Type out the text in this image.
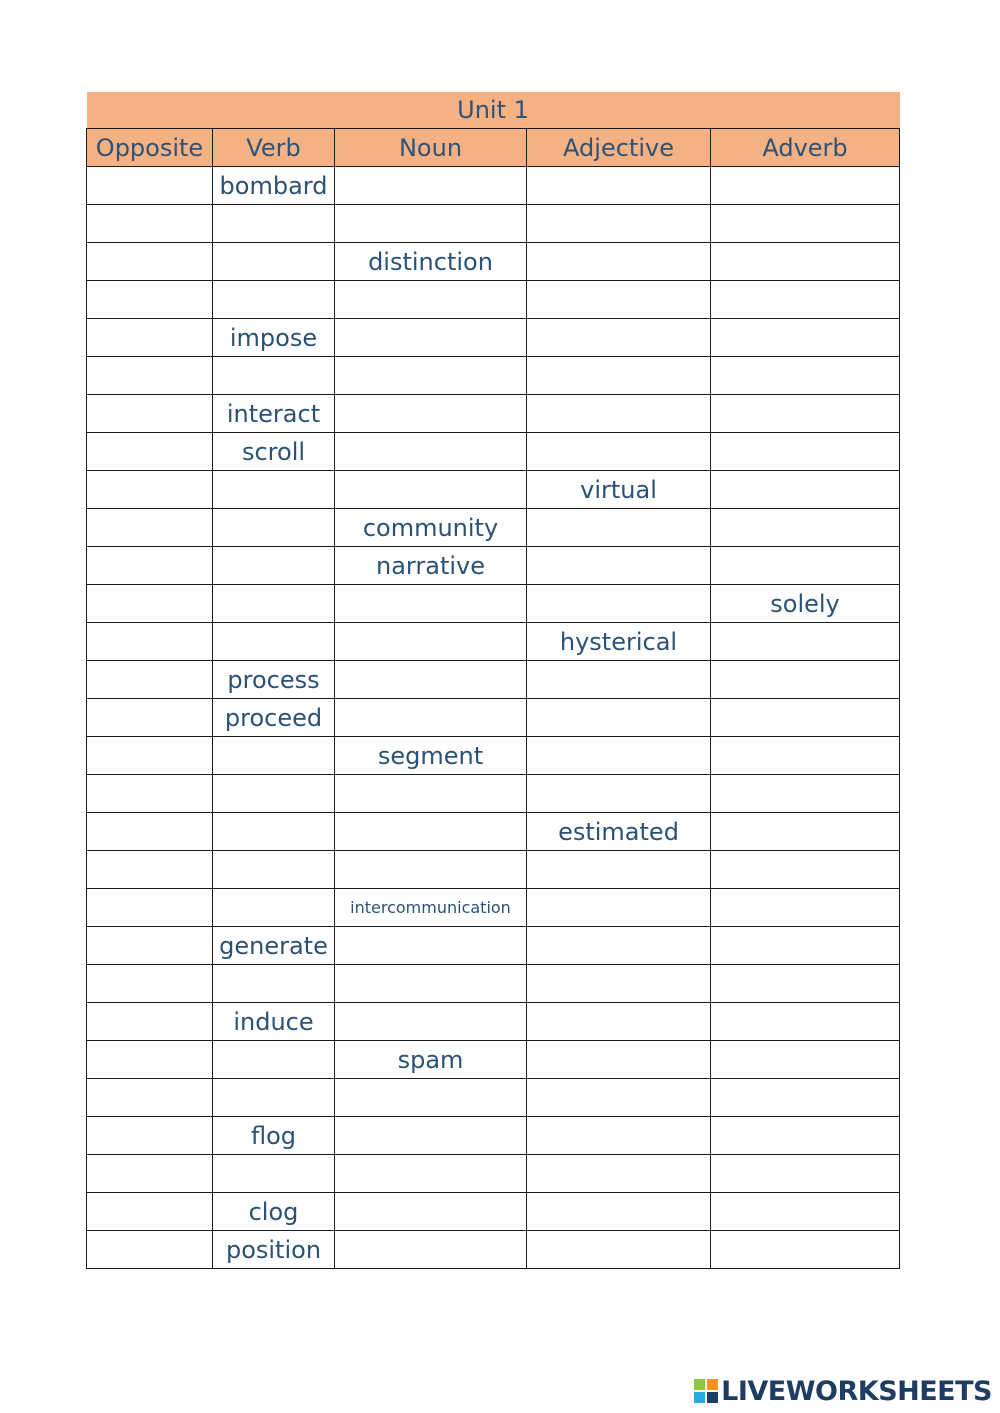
Unit 1				
Opposite	Verb	Noun	Adjective	Adverb
	bombard			

		distinction		

	impose			

	interact			
	scroll			
			virtual	
		community		
		narrative		
				solely
			hysterical	
	process			
	proceed			
		segment		

			estimated	

		intercommunication		
	generate			

	induce			
		spam		

	flog			

	clog			
	position			
LIVEWORKSHEETS
